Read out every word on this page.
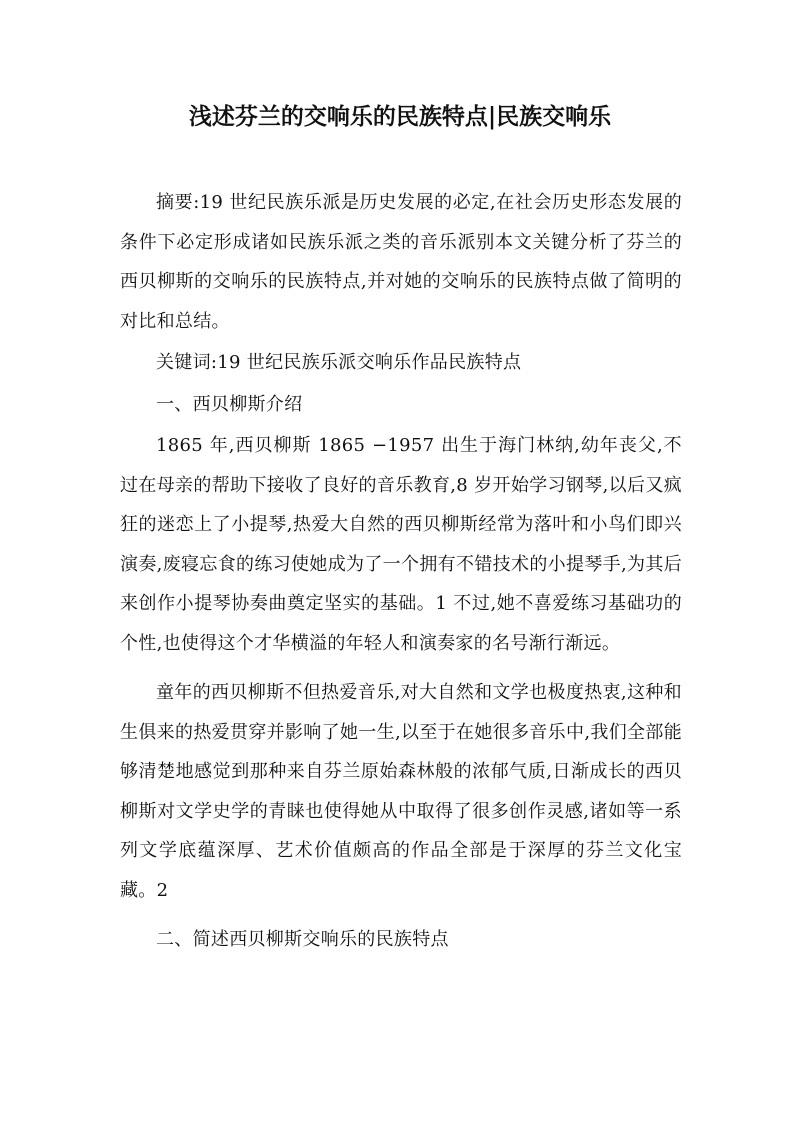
浅述芬兰的交响乐的民族特点|民族交响乐

摘要:19 世纪民族乐派是历史发展的必定,在社会历史形态发展的条件下必定形成诸如民族乐派之类的音乐派别本文关键分析了芬兰的西贝柳斯的交响乐的民族特点,并对她的交响乐的民族特点做了简明的对比和总结。

关键词:19 世纪民族乐派交响乐作品民族特点

一、西贝柳斯介绍

1865 年,西贝柳斯 1865 −1957 出生于海门林纳,幼年丧父,不过在母亲的帮助下接收了良好的音乐教育,8 岁开始学习钢琴,以后又疯狂的迷恋上了小提琴,热爱大自然的西贝柳斯经常为落叶和小鸟们即兴演奏,废寝忘食的练习使她成为了一个拥有不错技术的小提琴手,为其后来创作小提琴协奏曲奠定坚实的基础。1 不过,她不喜爱练习基础功的个性,也使得这个才华横溢的年轻人和演奏家的名号渐行渐远。

童年的西贝柳斯不但热爱音乐,对大自然和文学也极度热衷,这种和生俱来的热爱贯穿并影响了她一生,以至于在她很多音乐中,我们全部能够清楚地感觉到那种来自芬兰原始森林般的浓郁气质,日渐成长的西贝柳斯对文学史学的青睐也使得她从中取得了很多创作灵感,诸如等一系列文学底蕴深厚、艺术价值颇高的作品全部是于深厚的芬兰文化宝藏。2

二、简述西贝柳斯交响乐的民族特点
